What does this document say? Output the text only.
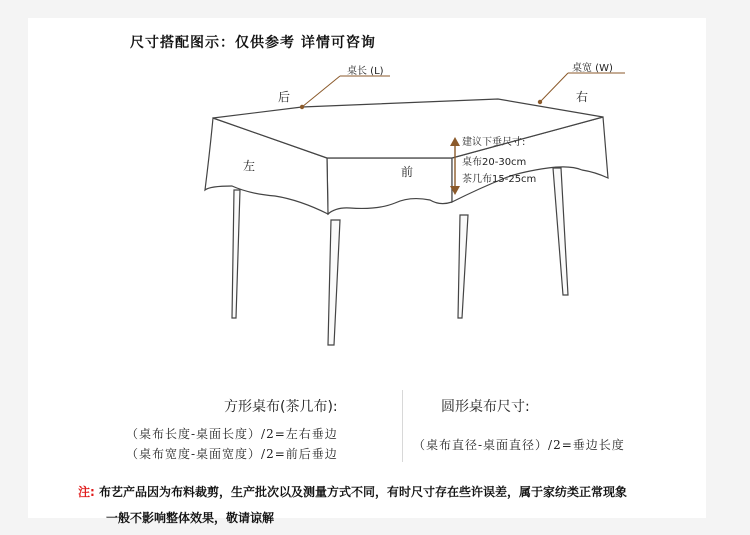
尺寸搭配图示：仅供参考 详情可咨询
桌长 (L)	桌宽 (W)
后	右
左	前
建议下垂尺寸:
桌布20-30cm
茶几布15-25cm
方形桌布(茶几布):
（桌布长度-桌面长度）/2=左右垂边
（桌布宽度-桌面宽度）/2=前后垂边
圆形桌布尺寸:
（桌布直径-桌面直径）/2=垂边长度
注: 布艺产品因为布料裁剪，生产批次以及测量方式不同，有时尺寸存在些许误差，属于家纺类正常现象
一般不影响整体效果，敬请谅解
